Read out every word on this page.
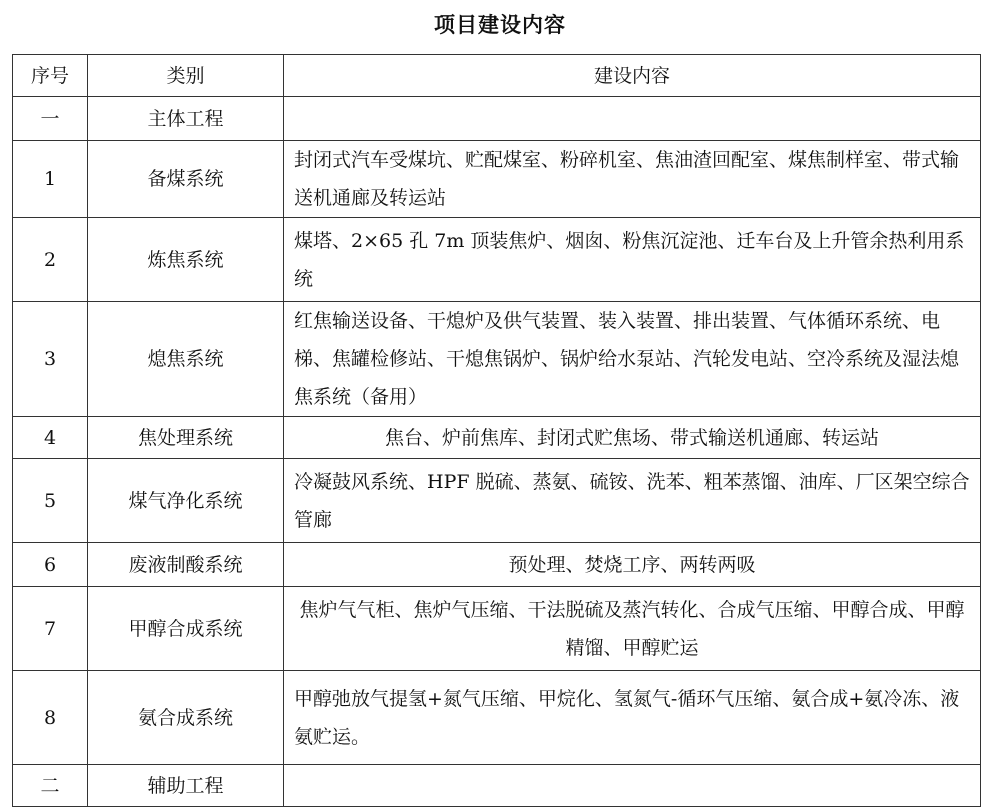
项目建设内容
序号	类别	建设内容
一	主体工程	
1	备煤系统	封闭式汽车受煤坑、贮配煤室、粉碎机室、焦油渣回配室、煤焦制样室、带式输送机通廊及转运站
2	炼焦系统	煤塔、2×65 孔 7m 顶装焦炉、烟囱、粉焦沉淀池、迁车台及上升管余热利用系统
3	熄焦系统	红焦输送设备、干熄炉及供气装置、装入装置、排出装置、气体循环系统、电梯、焦罐检修站、干熄焦锅炉、锅炉给水泵站、汽轮发电站、空冷系统及湿法熄焦系统（备用）
4	焦处理系统	焦台、炉前焦库、封闭式贮焦场、带式输送机通廊、转运站
5	煤气净化系统	冷凝鼓风系统、HPF 脱硫、蒸氨、硫铵、洗苯、粗苯蒸馏、油库、厂区架空综合管廊
6	废液制酸系统	预处理、焚烧工序、两转两吸
7	甲醇合成系统	焦炉气气柜、焦炉气压缩、干法脱硫及蒸汽转化、合成气压缩、甲醇合成、甲醇精馏、甲醇贮运
8	氨合成系统	甲醇弛放气提氢+氮气压缩、甲烷化、氢氮气-循环气压缩、氨合成+氨冷冻、液氨贮运。
二	辅助工程	
